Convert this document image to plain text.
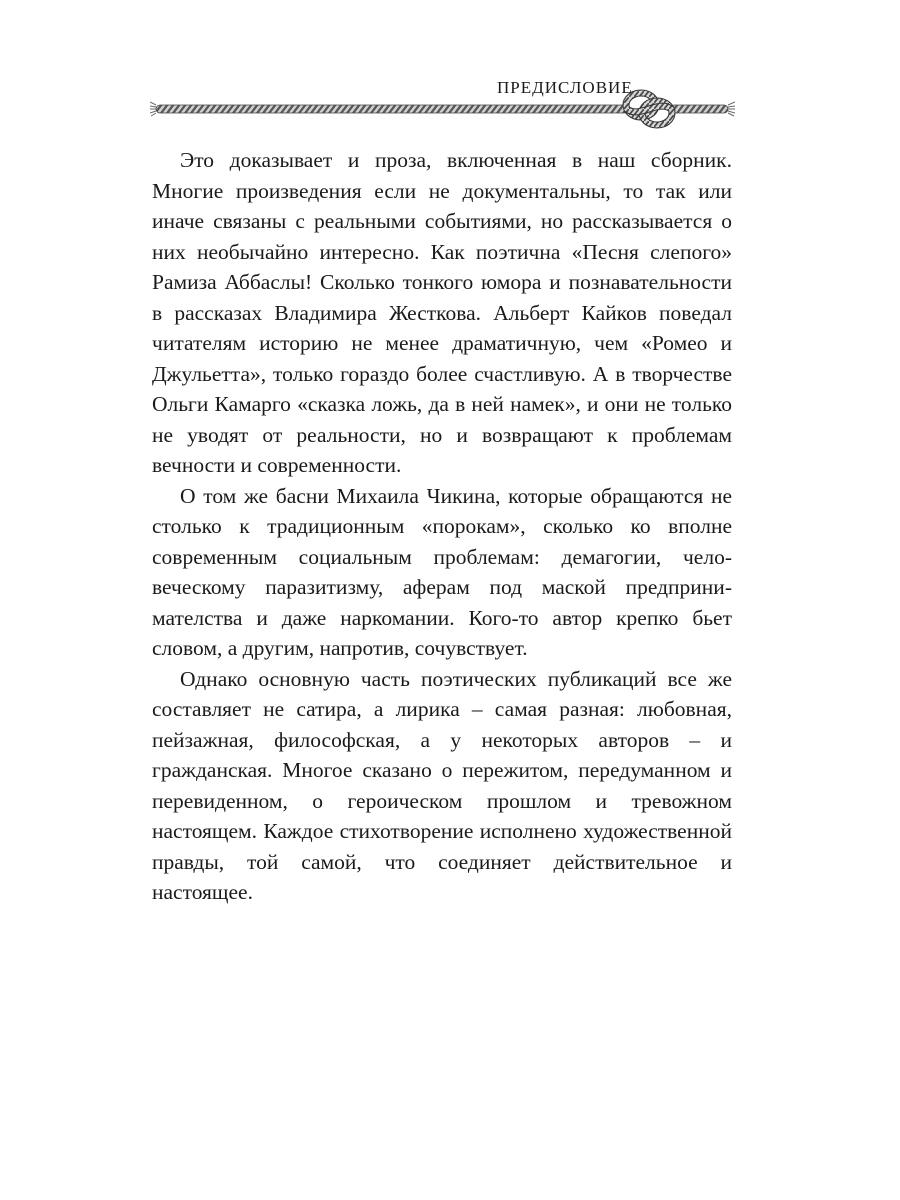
ПРЕДИСЛОВИЕ

Это доказывает и проза, включенная в наш сборник. Многие произведения если не документальны, то так или иначе связаны с реальными событиями, но рассказывается о них необычайно интересно. Как поэтична «Песня слепого» Рамиза Аббаслы! Сколько тонкого юмора и познавательности в рассказах Владимира Жесткова. Альберт Кайков поведал читателям историю не менее драматичную, чем «Ромео и Джульетта», только гораздо более счастливую. А в творчестве Ольги Камарго «сказка ложь, да в ней намек», и они не только не уводят от реальности, но и возвращают к проблемам вечности и современности.

О том же басни Михаила Чикина, которые обращаются не столько к традиционным «порокам», сколько ко вполне современным социальным проблемам: демагогии, человеческому паразитизму, аферам под маской предпринимателства и даже наркомании. Кого-то автор крепко бьет словом, а другим, напротив, сочувствует.

Однако основную часть поэтических публикаций все же составляет не сатира, а лирика – самая разная: любовная, пейзажная, философская, а у некоторых авторов – и гражданская. Многое сказано о пережитом, передуманном и перевиденном, о героическом прошлом и тревожном настоящем. Каждое стихотворение исполнено художественной правды, той самой, что соединяет действительное и настоящее.
